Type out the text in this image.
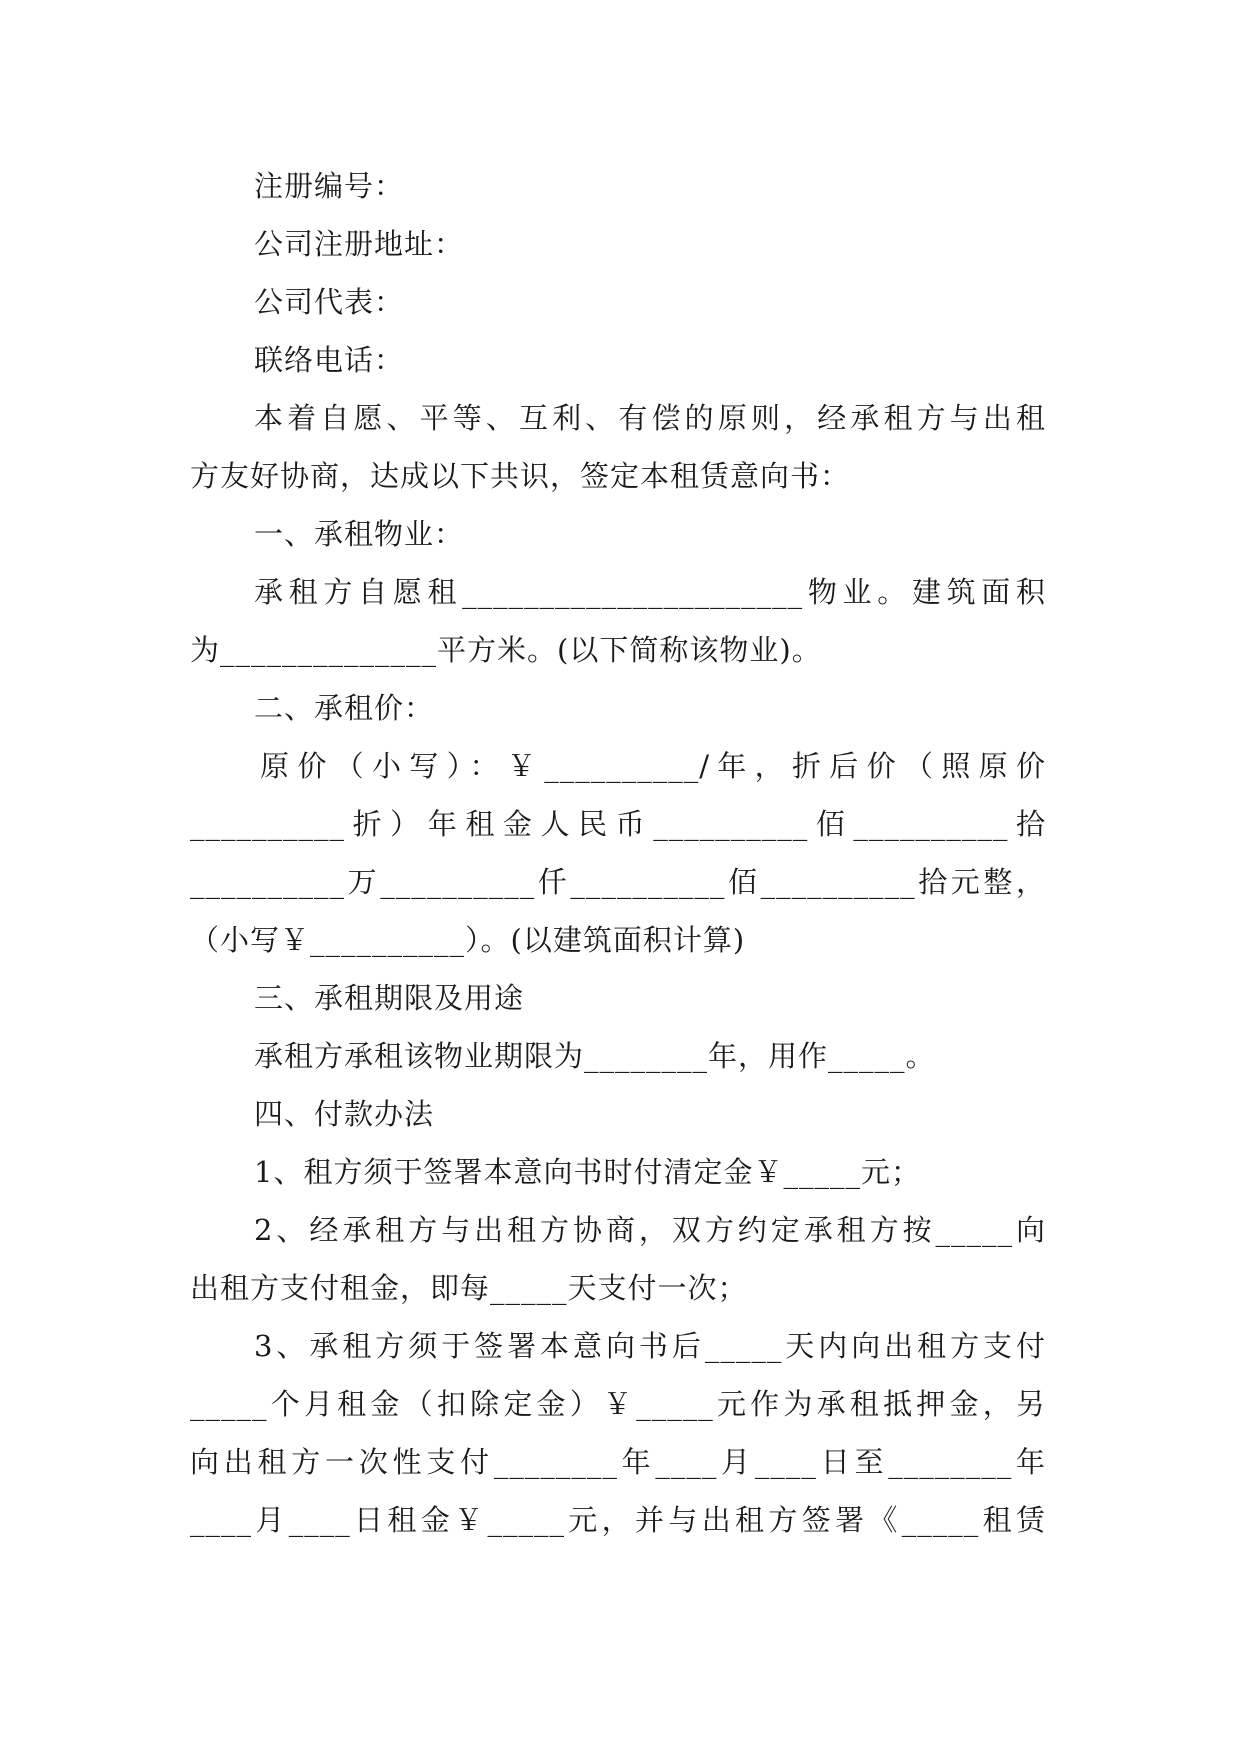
注册编号：
公司注册地址：
公司代表：
联络电话：
本着自愿、平等、互利、有偿的原则，经承租方与出租
方友好协商，达成以下共识，签定本租赁意向书：
一、承租物业：
承租方自愿租______________________物业。建筑面积
为______________平方米。(以下简称该物业)。
二、承租价：
原价（小写）：￥__________/年，折后价（照原价
__________折）年租金人民币__________佰__________拾
__________万__________仟__________佰__________拾元整，
（小写￥__________）。(以建筑面积计算)
三、承租期限及用途
承租方承租该物业期限为________年，用作_____。
四、付款办法
1、租方须于签署本意向书时付清定金￥_____元；
2、经承租方与出租方协商，双方约定承租方按_____向
出租方支付租金，即每_____天支付一次；
3、承租方须于签署本意向书后_____天内向出租方支付
_____个月租金（扣除定金）￥_____元作为承租抵押金，另
向出租方一次性支付________年____月____日至________年
____月____日租金￥_____元，并与出租方签署《_____租赁
